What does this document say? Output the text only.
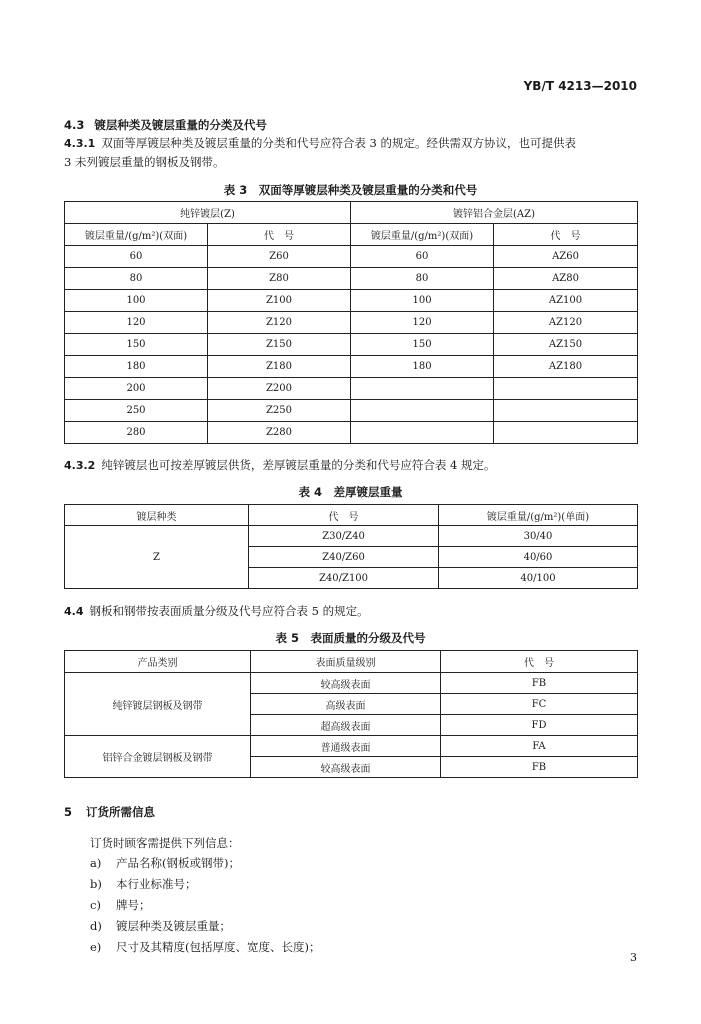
YB/T 4213—2010
4.3 镀层种类及镀层重量的分类及代号
4.3.1 双面等厚镀层种类及镀层重量的分类和代号应符合表 3 的规定。经供需双方协议，也可提供表
3 未列镀层重量的钢板及钢带。
表 3　双面等厚镀层种类及镀层重量的分类和代号
纯锌镀层(Z)		镀锌铝合金层(AZ)	
镀层重量/(g/m²)(双面)	代　号	镀层重量/(g/m²)(双面)	代　号
60	Z60	60	AZ60
80	Z80	80	AZ80
100	Z100	100	AZ100
120	Z120	120	AZ120
150	Z150	150	AZ150
180	Z180	180	AZ180
200	Z200		
250	Z250		
280	Z280		
4.3.2 纯锌镀层也可按差厚镀层供货，差厚镀层重量的分类和代号应符合表 4 规定。
表 4　差厚镀层重量
镀层种类	代　号	镀层重量/(g/m²)(单面)
Z	Z30/Z40	30/40
	Z40/Z60	40/60
	Z40/Z100	40/100
4.4 钢板和钢带按表面质量分级及代号应符合表 5 的规定。
表 5　表面质量的分级及代号
产品类别	表面质量级别	代　号
纯锌镀层钢板及钢带	较高级表面	FB
	高级表面	FC
	超高级表面	FD
铝锌合金镀层钢板及钢带	普通级表面	FA
	较高级表面	FB
5 订货所需信息
订货时顾客需提供下列信息：
a) 产品名称(钢板或钢带)；
b) 本行业标准号；
c) 牌号；
d) 镀层种类及镀层重量；
e) 尺寸及其精度(包括厚度、宽度、长度)；
3
